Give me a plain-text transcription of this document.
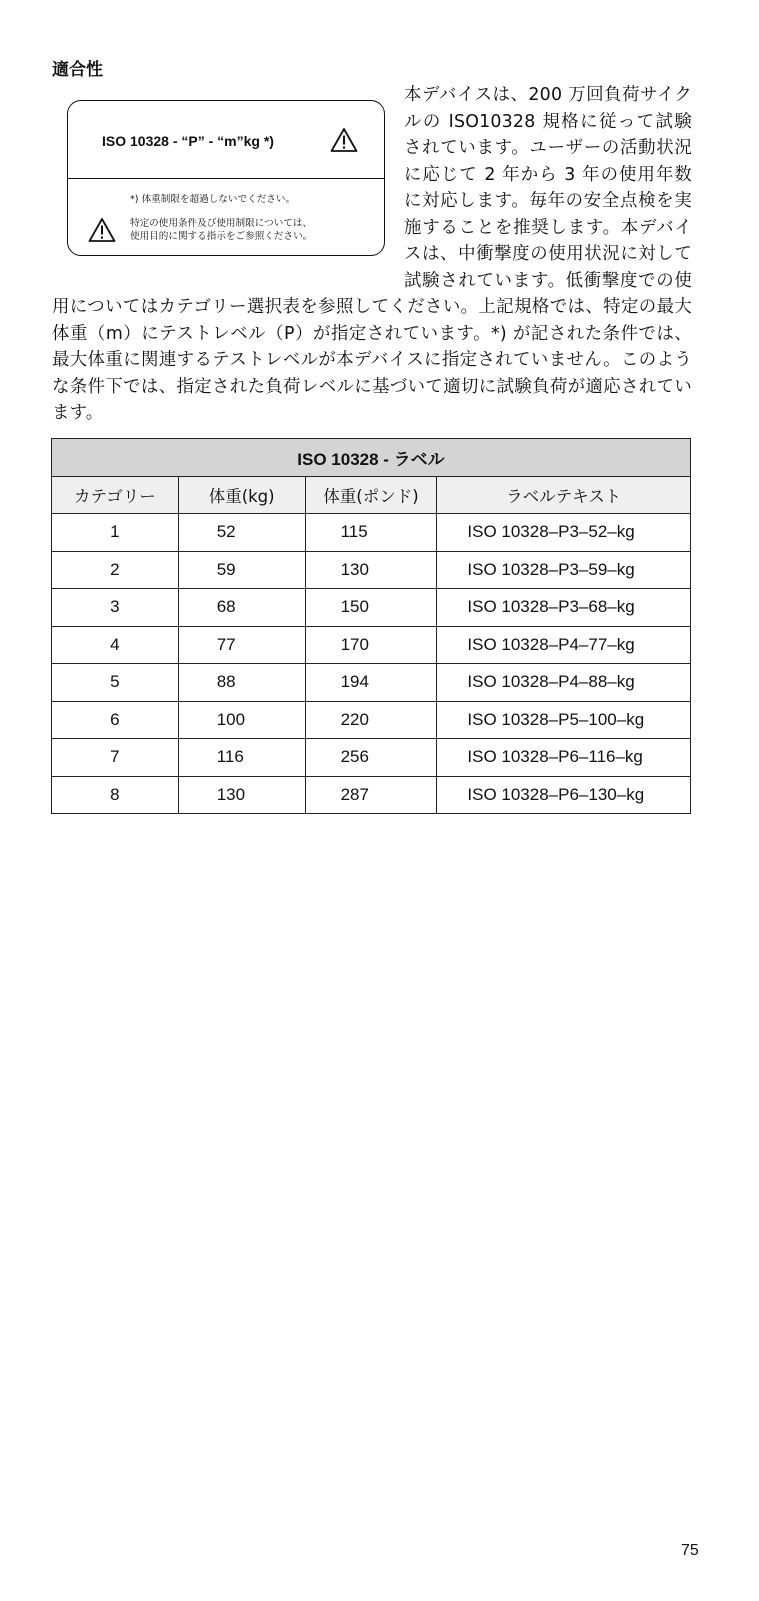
適合性
ISO 10328 - “P” - “m”kg *)
*) 体重制限を超過しないでください。
特定の使用条件及び使用制限については、
使用目的に関する指示をご参照ください。
本デバイスは、200 万回負荷サイクルの ISO10328 規格に従って試験されています。ユーザーの活動状況に応じて 2 年から 3 年の使用年数に対応します。毎年の安全点検を実施することを推奨します。本デバイスは、中衝撃度の使用状況に対して試験されています。低衝撃度での使用についてはカテゴリー選択表を参照してください。上記規格では、特定の最大体重（m）にテストレベル（P）が指定されています。*) が記された条件では、最大体重に関連するテストレベルが本デバイスに指定されていません。このような条件下では、指定された負荷レベルに基づいて適切に試験負荷が適応されています。
ISO 10328 - ラベル			
カテゴリー	体重(kg)	体重(ポンド)	ラベルテキスト
1	52	115	ISO 10328–P3–52–kg
2	59	130	ISO 10328–P3–59–kg
3	68	150	ISO 10328–P3–68–kg
4	77	170	ISO 10328–P4–77–kg
5	88	194	ISO 10328–P4–88–kg
6	100	220	ISO 10328–P5–100–kg
7	116	256	ISO 10328–P6–116–kg
8	130	287	ISO 10328–P6–130–kg
75
